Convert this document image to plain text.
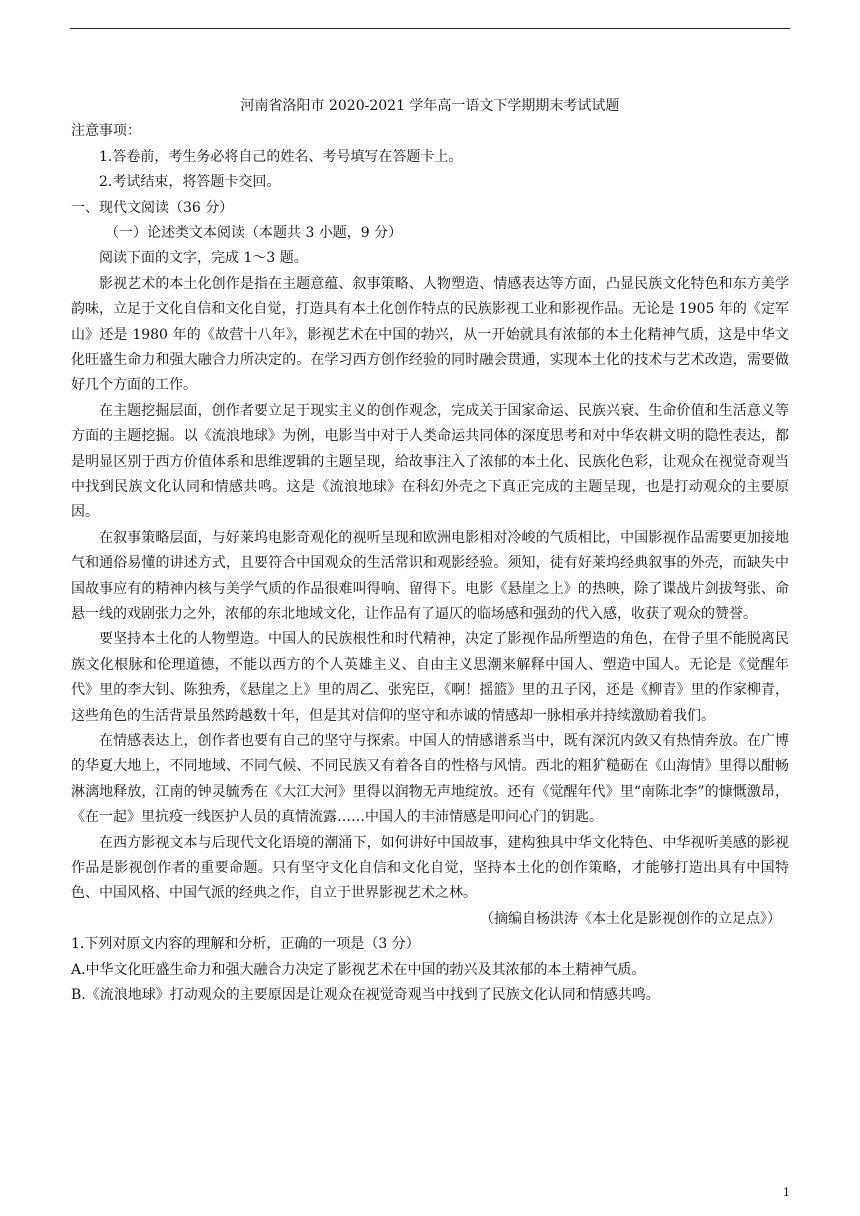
河南省洛阳市 2020-2021 学年高一语文下学期期末考试试题
注意事项：
1.答卷前，考生务必将自己的姓名、考号填写在答题卡上。
2.考试结束，将答题卡交回。
一、现代文阅读（36 分）
（一）论述类文本阅读（本题共 3 小题，9 分）
阅读下面的文字，完成 1～3 题。

影视艺术的本土化创作是指在主题意蕴、叙事策略、人物塑造、情感表达等方面，凸显民族文化特色和东方美学韵味，立足于文化自信和文化自觉，打造具有本土化创作特点的民族影视工业和影视作品。无论是 1905 年的《定军山》还是 1980 年的《故营十八年》，影视艺术在中国的勃兴，从一开始就具有浓郁的本土化精神气质，这是中华文化旺盛生命力和强大融合力所决定的。在学习西方创作经验的同时融会贯通，实现本土化的技术与艺术改造，需要做好几个方面的工作。

在主题挖掘层面，创作者要立足于现实主义的创作观念，完成关于国家命运、民族兴衰、生命价值和生活意义等方面的主题挖掘。以《流浪地球》为例，电影当中对于人类命运共同体的深度思考和对中华农耕文明的隐性表达，都是明显区别于西方价值体系和思维逻辑的主题呈现，给故事注入了浓郁的本土化、民族化色彩，让观众在视觉奇观当中找到民族文化认同和情感共鸣。这是《流浪地球》在科幻外壳之下真正完成的主题呈现，也是打动观众的主要原因。

在叙事策略层面，与好莱坞电影奇观化的视听呈现和欧洲电影相对冷峻的气质相比，中国影视作品需要更加接地气和通俗易懂的讲述方式，且要符合中国观众的生活常识和观影经验。须知，徒有好莱坞经典叙事的外壳，而缺失中国故事应有的精神内核与美学气质的作品很难叫得响、留得下。电影《悬崖之上》的热映，除了谍战片剑拔弩张、命悬一线的戏剧张力之外，浓郁的东北地域文化，让作品有了逼仄的临场感和强劲的代入感，收获了观众的赞誉。

要坚持本土化的人物塑造。中国人的民族根性和时代精神，决定了影视作品所塑造的角色，在骨子里不能脱离民族文化根脉和伦理道德，不能以西方的个人英雄主义、自由主义思潮来解释中国人、塑造中国人。无论是《觉醒年代》里的李大钊、陈独秀，《悬崖之上》里的周乙、张宪臣，《啊！摇篮》里的丑子冈，还是《柳青》里的作家柳青，这些角色的生活背景虽然跨越数十年，但是其对信仰的坚守和赤诚的情感却一脉相承并持续激励着我们。

在情感表达上，创作者也要有自己的坚守与探索。中国人的情感谱系当中，既有深沉内敛又有热情奔放。在广博的华夏大地上，不同地域、不同气候、不同民族又有着各自的性格与风情。西北的粗犷糙砺在《山海情》里得以酣畅淋漓地释放，江南的钟灵毓秀在《大江大河》里得以润物无声地绽放。还有《觉醒年代》里“南陈北李”的慷慨激昂，《在一起》里抗疫一线医护人员的真情流露……中国人的丰沛情感是叩问心门的钥匙。

在西方影视文本与后现代文化语境的潮涌下，如何讲好中国故事，建构独具中华文化特色、中华视听美感的影视作品是影视创作者的重要命题。只有坚守文化自信和文化自觉，坚持本土化的创作策略，才能够打造出具有中国特色、中国风格、中国气派的经典之作，自立于世界影视艺术之林。

（摘编自杨洪涛《本土化是影视创作的立足点》）
1.下列对原文内容的理解和分析，正确的一项是（3 分）
A.中华文化旺盛生命力和强大融合力决定了影视艺术在中国的勃兴及其浓郁的本土精神气质。
B.《流浪地球》打动观众的主要原因是让观众在视觉奇观当中找到了民族文化认同和情感共鸣。
1
